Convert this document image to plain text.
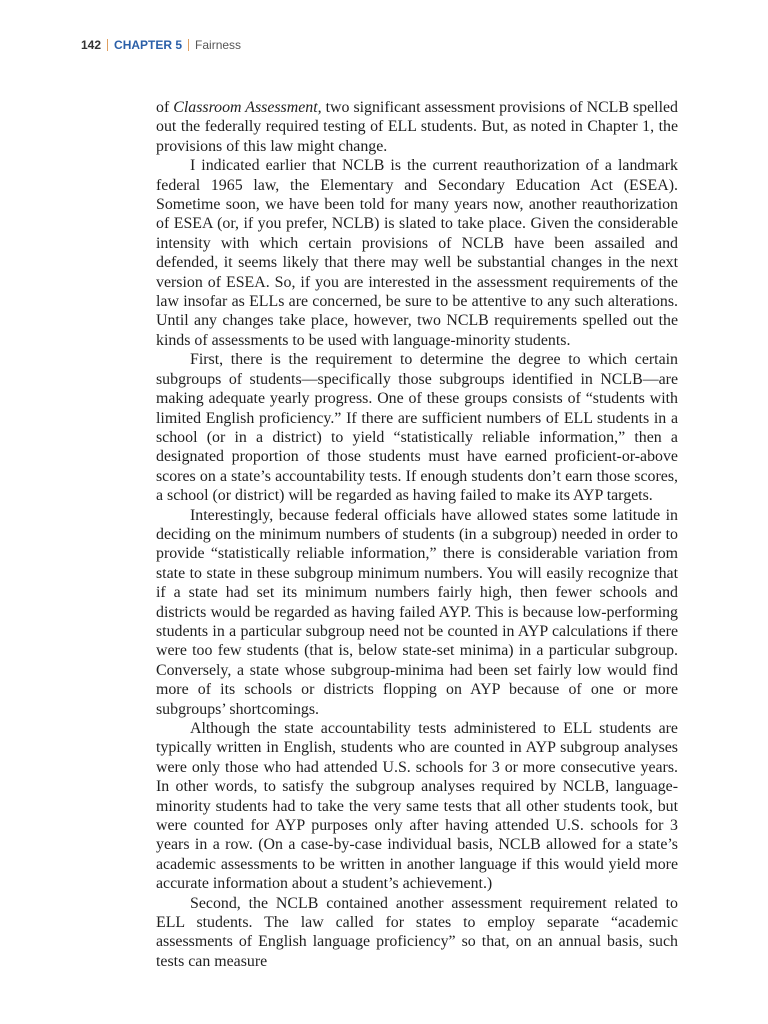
142 CHAPTER 5 Fairness

of Classroom Assessment, two significant assessment provisions of NCLB spelled out the federally required testing of ELL students. But, as noted in Chapter 1, the provisions of this law might change.

I indicated earlier that NCLB is the current reauthorization of a landmark federal 1965 law, the Elementary and Secondary Education Act (ESEA). Sometime soon, we have been told for many years now, another reauthorization of ESEA (or, if you prefer, NCLB) is slated to take place. Given the considerable intensity with which certain provisions of NCLB have been assailed and defended, it seems likely that there may well be substantial changes in the next version of ESEA. So, if you are interested in the assessment requirements of the law insofar as ELLs are concerned, be sure to be attentive to any such alterations. Until any changes take place, however, two NCLB requirements spelled out the kinds of assessments to be used with language-minority students.

First, there is the requirement to determine the degree to which certain subgroups of students—specifically those subgroups identified in NCLB—are making adequate yearly progress. One of these groups consists of “students with limited English proficiency.” If there are sufficient numbers of ELL students in a school (or in a district) to yield “statistically reliable information,” then a designated proportion of those students must have earned proficient-or-above scores on a state’s accountability tests. If enough students don’t earn those scores, a school (or district) will be regarded as having failed to make its AYP targets.

Interestingly, because federal officials have allowed states some latitude in deciding on the minimum numbers of students (in a subgroup) needed in order to provide “statistically reliable information,” there is considerable variation from state to state in these subgroup minimum numbers. You will easily recognize that if a state had set its minimum numbers fairly high, then fewer schools and districts would be regarded as having failed AYP. This is because low-performing students in a particular subgroup need not be counted in AYP calculations if there were too few students (that is, below state-set minima) in a particular subgroup. Conversely, a state whose subgroup-minima had been set fairly low would find more of its schools or districts flopping on AYP because of one or more subgroups’ shortcomings.

Although the state accountability tests administered to ELL students are typically written in English, students who are counted in AYP subgroup analyses were only those who had attended U.S. schools for 3 or more consecutive years. In other words, to satisfy the subgroup analyses required by NCLB, language-minority students had to take the very same tests that all other students took, but were counted for AYP purposes only after having attended U.S. schools for 3 years in a row. (On a case-by-case individual basis, NCLB allowed for a state’s academic assessments to be written in another language if this would yield more accurate information about a student’s achievement.)

Second, the NCLB contained another assessment requirement related to ELL students. The law called for states to employ separate “academic assessments of English language proficiency” so that, on an annual basis, such tests can measure
